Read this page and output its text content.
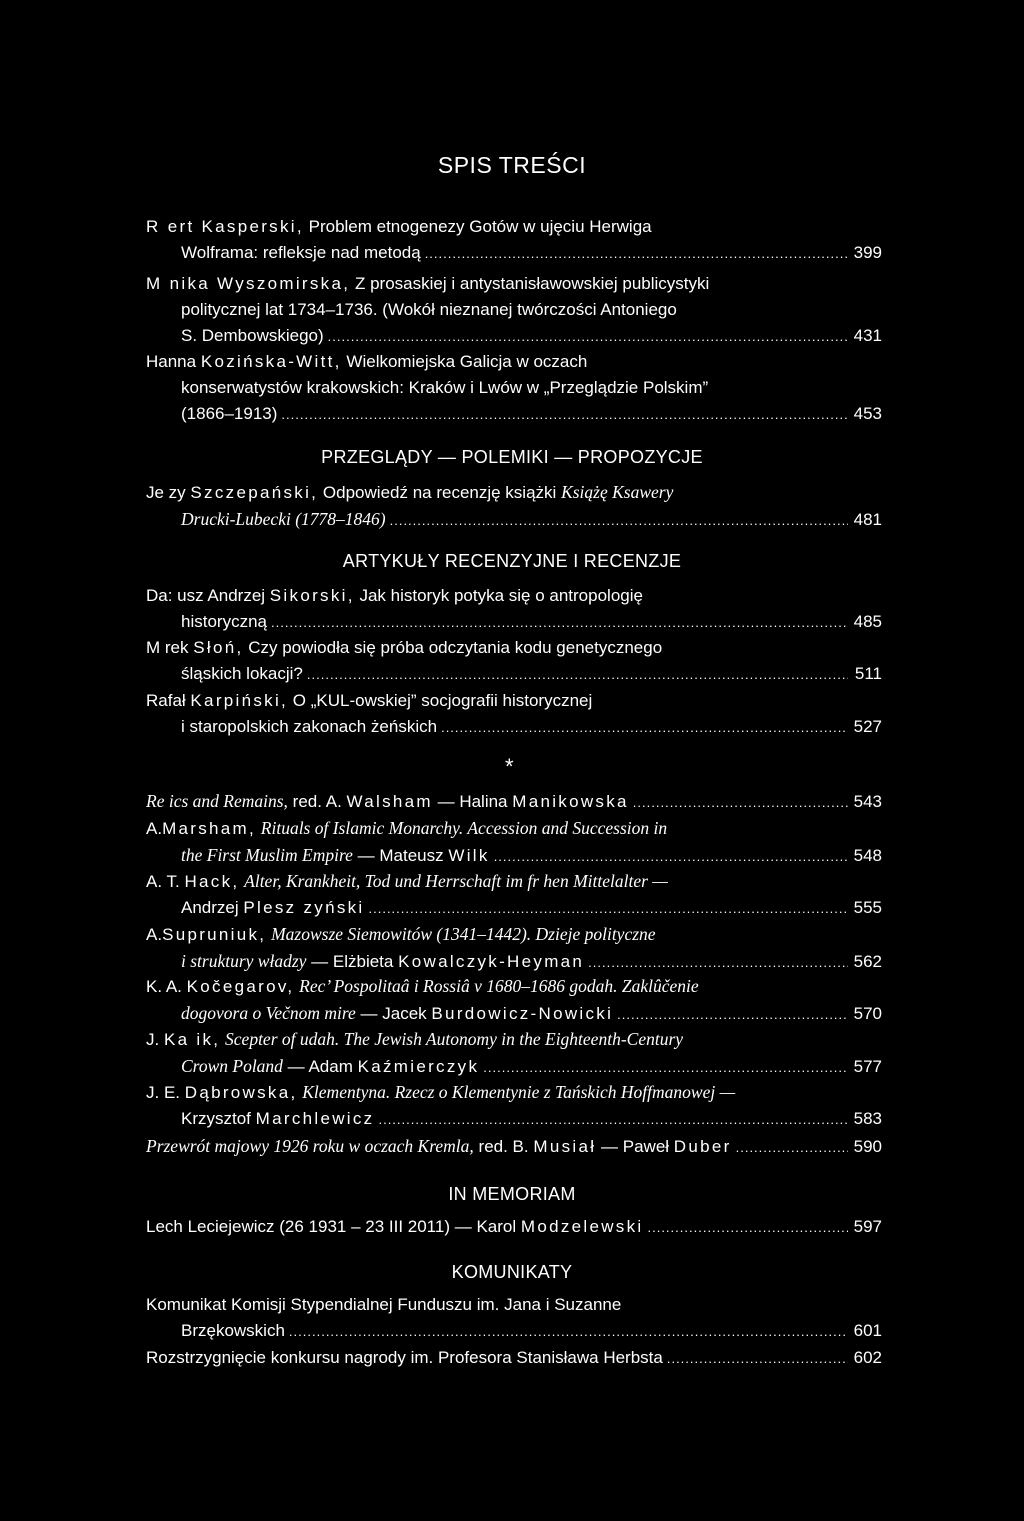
SPIS TREŚCI
R
ert Kasperski,
Problem etnogenezy Gotów w ujęciu Herwiga
Wolframa: refleksje nad metodą .....	399
M
nika Wyszomirska,
Z prosaskiej i antystanisławowskiej publicystyki
politycznej lat 1734–1736. (Wokół nieznanej twórczości Antoniego
S. Dembowskiego) .....	431
Hanna
Kozińska-Witt,
Wielkomiejska Galicja w oczach
konserwatystów krakowskich: Kraków i Lwów w „Przeglądzie Polskim”
(1866–1913) .....	453
PRZEGLĄDY — POLEMIKI — PROPOZYCJE
Je zy
Szczepański,
Odpowiedź na recenzję książki
Książę Ksawery
Drucki-Lubecki (1778–1846) .....	481
ARTYKUŁY RECENZYJNE I RECENZJE
Da: usz Andrzej
Sikorski,
Jak historyk potyka się o antropologię
historyczną .....	485
M rek
Słoń,
Czy powiodła się próba odczytania kodu genetycznego
śląskich lokacji? .....	511
Rafał
Karpiński,
O „KUL-owskiej” socjografii historycznej
i staropolskich zakonach żeńskich .....	527
*
Re ics and Remains,
red. A.
Walsham
— Halina
Manikowska .....	543
A. Marsham,
Rituals of Islamic Monarchy. Accession and Succession in
the First Muslim Empire
— Mateusz
Wilk .....	548
A. T.
Hack,
Alter, Krankheit, Tod und Herrschaft im fr hen Mittelalter —
Andrzej
Plesz zyński .....	555
A. Supruniuk,
Mazowsze Siemowitów (1341–1442). Dzieje polityczne
i struktury władzy
— Elżbieta
Kowalczyk-Heyman .....	562
K. A.
Kočegarov,
Rec’ Pospolitaâ i Rossiâ v 1680–1686 godah. Zaklûčenie
dogovora o Večnom mire
— Jacek
Burdowicz-Nowicki .....	570
J.
Ka ik,
Scepter of udah. The Jewish Autonomy in the Eighteenth-Century
Crown Poland
— Adam
Kaźmierczyk .....	577
J. E.
Dąbrowska,
Klementyna. Rzecz o Klementynie z Tańskich Hoffmanowej —
Krzysztof
Marchlewicz .....	583
Przewrót majowy 1926 roku w oczach Kremla,
red. B.
Musiał
— Paweł
Duber .....	590
IN MEMORIAM
Lech Leciejewicz (26 1931 – 23 III 2011) — Karol
Modzelewski .....	597
KOMUNIKATY
Komunikat Komisji Stypendialnej Funduszu im. Jana i Suzanne
Brzękowskich .....	601
Rozstrzygnięcie konkursu nagrody im. Profesora Stanisława Herbsta .....	602
